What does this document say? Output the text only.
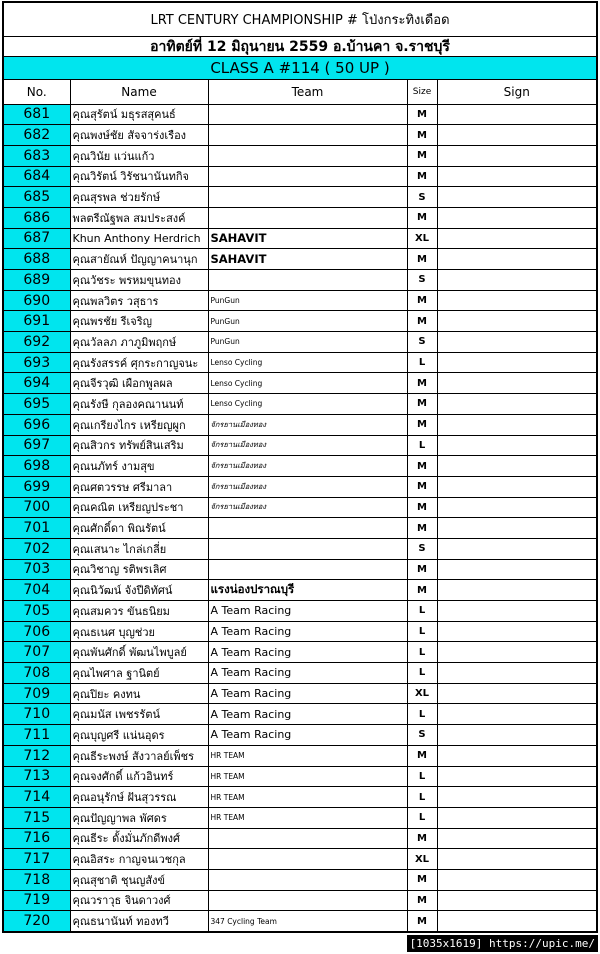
LRT CENTURY CHAMPIONSHIP # โป่งกระทิงเดือด
อาทิตย์ที่ 12 มิถุนายน 2559 อ.บ้านคา จ.ราชบุรี
CLASS A #114 ( 50 UP )
No.	Name	Team	Size	Sign
681	คุณสุรัตน์ มธุรสสุคนธ์		M	
682	คุณพงษ์ชัย สัจจาร่งเรือง		M	
683	คุณวินัย แว่นแก้ว		M	
684	คุณวิรัตน์ วิรัชนานันทกิจ		M	
685	คุณสุรพล ช่วยรักษ์		S	
686	พลตรีณัฐพล สมประสงค์		M	
687	Khun Anthony Herdrich	SAHAVIT	XL	
688	คุณสายัณห์ ปัญญาคนานุก	SAHAVIT	M	
689	คุณวัชระ พรหมขุนทอง		S	
690	คุณพลวิตร วสุธาร	PunGun	M	
691	คุณพรชัย รีเจริญ	PunGun	M	
692	คุณวัลลภ ภาภูมิพฤกษ์	PunGun	S	
693	คุณรังสรรค์ ศุกระกาญจนะ	Lenso Cycling	L	
694	คุณจีรวุฒิ เผือกพูลผล	Lenso Cycling	M	
695	คุณรังษี กุลองคณานนท์	Lenso Cycling	M	
696	คุณเกรียงไกร เหรียญผูก	จักรยานเมืองทอง	M	
697	คุณสิวกร ทรัพย์สินเสริม	จักรยานเมืองทอง	L	
698	คุณนภัทร์ งามสุข	จักรยานเมืองทอง	M	
699	คุณศตวรรษ ศรีมาลา	จักรยานเมืองทอง	M	
700	คุณคณิต เหรียญประชา	จักรยานเมืองทอง	M	
701	คุณศักดิ์ดา พิณรัตน์		M	
702	คุณเสนาะ ไกล่เกลี่ย		S	
703	คุณวิชาญ รติพรเลิศ		M	
704	คุณนิวัฒน์ จังปีดิทัศน์	แรงน่องปราณบุรี	M	
705	คุณสมควร ขันธนิยม	A Team Racing	L	
706	คุณธเนศ บุญช่วย	A Team Racing	L	
707	คุณพันศักดิ์ พัฒนไพบูลย์	A Team Racing	L	
708	คุณไพศาล ฐานิตย์	A Team Racing	L	
709	คุณปิยะ คงทน	A Team Racing	XL	
710	คุณมนัส เพชรรัตน์	A Team Racing	L	
711	คุณบุญศรี แน่นอุดร	A Team Racing	S	
712	คุณธีระพงษ์ สังวาลย์เพ็ชร	HR TEAM	M	
713	คุณจงศักดิ์ แก้วอินทร์	HR TEAM	L	
714	คุณอนุรักษ์ ฝันสุวรรณ	HR TEAM	L	
715	คุณปัญญาพล พัศดร	HR TEAM	L	
716	คุณธีระ ดั้งมั่นภักดีพงศ์		M	
717	คุณอิสระ กาญจนเวชกุล		XL	
718	คุณสุชาติ ชุนญสังข์		M	
719	คุณวราวุธ จินดาวงศ์		M	
720	คุณธนานันท์ ทองทวี	347 Cycling Team	M	
[1035x1619] https://upic.me/
